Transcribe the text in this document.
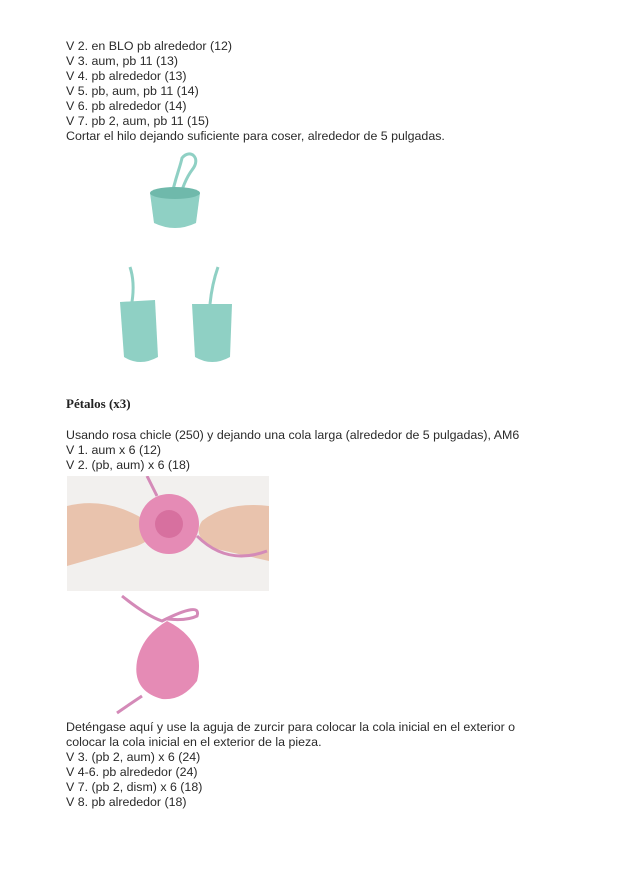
V 2. en BLO pb alrededor (12)
V 3. aum, pb 11 (13)
V 4. pb alrededor (13)
V 5. pb, aum, pb 11 (14)
V 6. pb alrededor (14)
V 7. pb 2, aum, pb 11 (15)
Cortar el hilo dejando suficiente para coser, alrededor de 5 pulgadas.
Pétalos (x3)
Usando rosa chicle (250) y dejando una cola larga (alrededor de 5 pulgadas), AM6
V 1. aum x 6 (12)
V 2. (pb, aum) x 6 (18)
Deténgase aquí y use la aguja de zurcir para colocar la cola inicial en el exterior o
colocar la cola inicial en el exterior de la pieza.
V 3. (pb 2, aum) x 6 (24)
V 4-6. pb alrededor (24)
V 7. (pb 2, dism) x 6 (18)
V 8. pb alrededor (18)
